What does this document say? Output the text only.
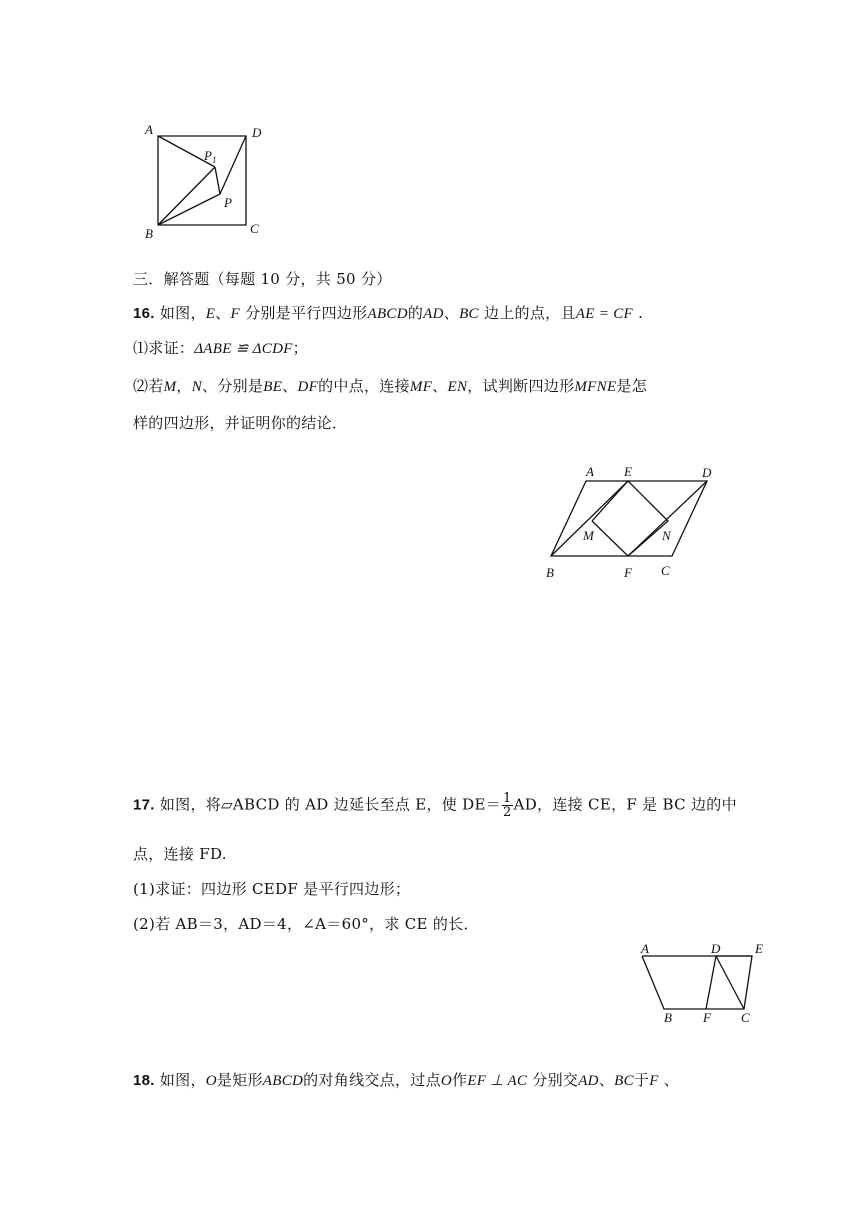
A	D
$P_1$
P
B	C
三．解答题（每题 10 分，共 50 分）
16. 如图，E、F 分别是平行四边形ABCD的AD、BC 边上的点，且AE = CF .
⑴求证：ΔABE ≌ ΔCDF；
⑵若M，N、分别是BE、DF的中点，连接MF、EN，试判断四边形MFNE是怎
样的四边形，并证明你的结论．
A E	D
M	N
B	F C
17. 如图，将▱ABCD 的 AD 边延长至点 E，使 $DE= \frac{1}{2}$ AD，连接 CE，F 是 BC 边的中
点，连接 FD.
(1)求证：四边形 CEDF 是平行四边形；
(2)若 AB＝3，AD＝4，∠A＝60°，求 CE 的长．
A	D	E
B F C
18. 如图，O是矩形ABCD的对角线交点，过点O作EF ⊥ AC 分别交AD、BC于F 、
